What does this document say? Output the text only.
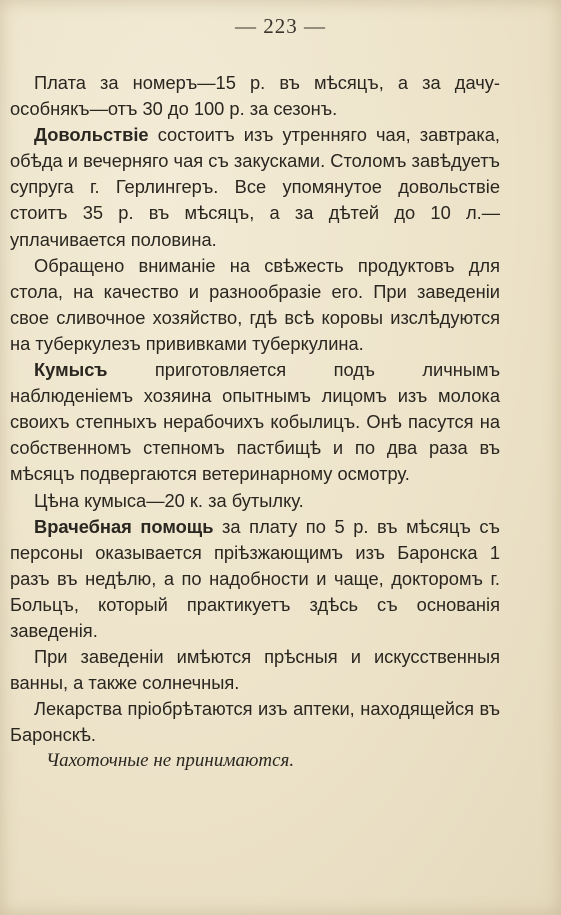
— 223 —

Плата за номеръ—15 р. въ мѣсяцъ, а за дачу-особнякъ—отъ 30 до 100 р. за сезонъ.

Довольствіе состоитъ изъ утренняго чая, завтрака, обѣда и вечерняго чая съ закусками. Столомъ завѣдуетъ супруга г. Герлингеръ. Все упомянутое довольствіе стоитъ 35 р. въ мѣсяцъ, а за дѣтей до 10 л.—уплачивается половина.

Обращено вниманіе на свѣжесть продуктовъ для стола, на качество и разнообразіе его. При заведеніи свое сливочное хозяйство, гдѣ всѣ коровы изслѣдуются на туберкулезъ прививками туберкулина.

Кумысъ приготовляется подъ личнымъ наблюденіемъ хозяина опытнымъ лицомъ изъ молока своихъ степныхъ нерабочихъ кобылицъ. Онѣ пасутся на собственномъ степномъ пастбищѣ и по два раза въ мѣсяцъ подвергаются ветеринарному осмотру.

Цѣна кумыса—20 к. за бутылку.

Врачебная помощь за плату по 5 р. въ мѣсяцъ съ персоны оказывается пріѣзжающимъ изъ Баронска 1 разъ въ недѣлю, а по надобности и чаще, докторомъ г. Больцъ, который практикуетъ здѣсь съ основанія заведенія.

При заведеніи имѣются прѣсныя и искусственныя ванны, а также солнечныя.

Лекарства пріобрѣтаются изъ аптеки, находящейся въ Баронскѣ.

Чахоточные не принимаются.
